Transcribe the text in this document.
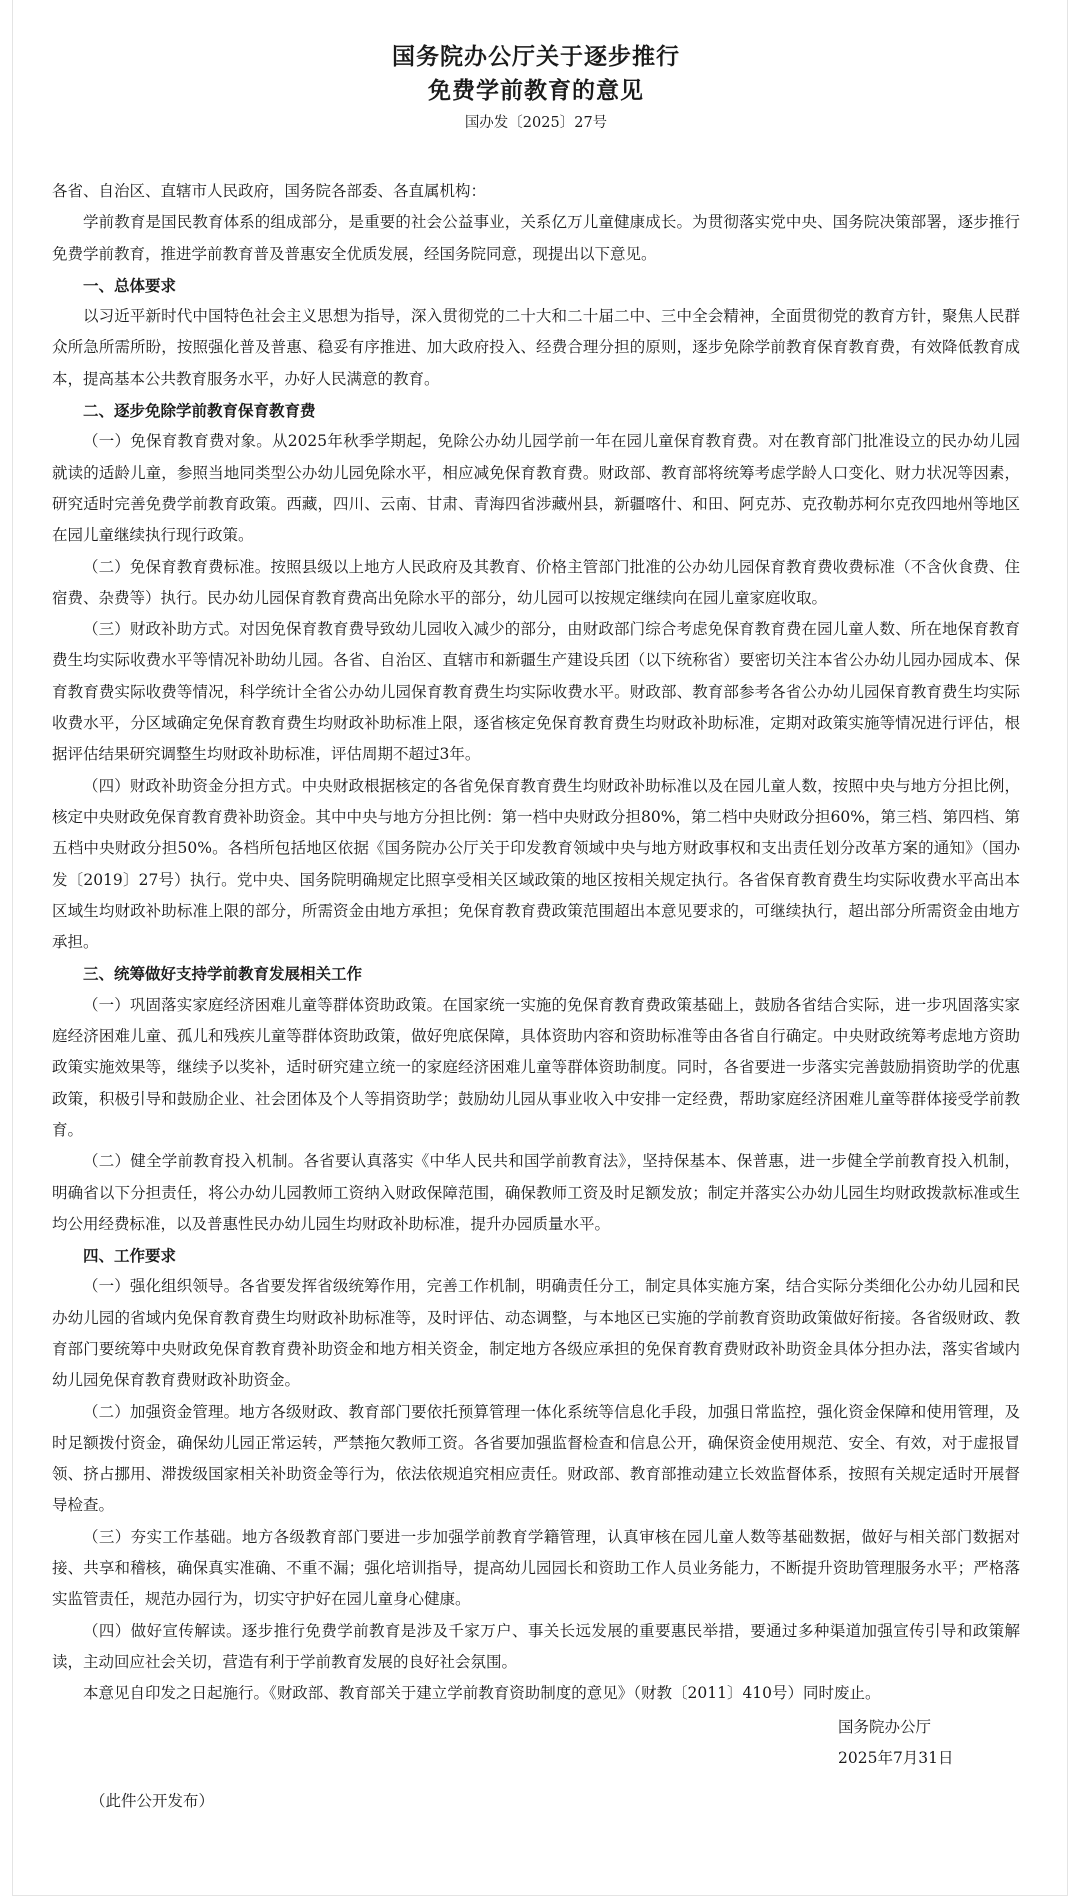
国务院办公厅关于逐步推行
免费学前教育的意见
国办发〔2025〕27号

各省、自治区、直辖市人民政府，国务院各部委、各直属机构：

学前教育是国民教育体系的组成部分，是重要的社会公益事业，关系亿万儿童健康成长。为贯彻落实党中央、国务院决策部署，逐步推行免费学前教育，推进学前教育普及普惠安全优质发展，经国务院同意，现提出以下意见。

一、总体要求

以习近平新时代中国特色社会主义思想为指导，深入贯彻党的二十大和二十届二中、三中全会精神，全面贯彻党的教育方针，聚焦人民群众所急所需所盼，按照强化普及普惠、稳妥有序推进、加大政府投入、经费合理分担的原则，逐步免除学前教育保育教育费，有效降低教育成本，提高基本公共教育服务水平，办好人民满意的教育。

二、逐步免除学前教育保育教育费

（一）免保育教育费对象。从2025年秋季学期起，免除公办幼儿园学前一年在园儿童保育教育费。对在教育部门批准设立的民办幼儿园就读的适龄儿童，参照当地同类型公办幼儿园免除水平，相应减免保育教育费。财政部、教育部将统筹考虑学龄人口变化、财力状况等因素，研究适时完善免费学前教育政策。西藏，四川、云南、甘肃、青海四省涉藏州县，新疆喀什、和田、阿克苏、克孜勒苏柯尔克孜四地州等地区在园儿童继续执行现行政策。

（二）免保育教育费标准。按照县级以上地方人民政府及其教育、价格主管部门批准的公办幼儿园保育教育费收费标准（不含伙食费、住宿费、杂费等）执行。民办幼儿园保育教育费高出免除水平的部分，幼儿园可以按规定继续向在园儿童家庭收取。

（三）财政补助方式。对因免保育教育费导致幼儿园收入减少的部分，由财政部门综合考虑免保育教育费在园儿童人数、所在地保育教育费生均实际收费水平等情况补助幼儿园。各省、自治区、直辖市和新疆生产建设兵团（以下统称省）要密切关注本省公办幼儿园办园成本、保育教育费实际收费等情况，科学统计全省公办幼儿园保育教育费生均实际收费水平。财政部、教育部参考各省公办幼儿园保育教育费生均实际收费水平，分区域确定免保育教育费生均财政补助标准上限，逐省核定免保育教育费生均财政补助标准，定期对政策实施等情况进行评估，根据评估结果研究调整生均财政补助标准，评估周期不超过3年。

（四）财政补助资金分担方式。中央财政根据核定的各省免保育教育费生均财政补助标准以及在园儿童人数，按照中央与地方分担比例，核定中央财政免保育教育费补助资金。其中中央与地方分担比例：第一档中央财政分担80%，第二档中央财政分担60%，第三档、第四档、第五档中央财政分担50%。各档所包括地区依据《国务院办公厅关于印发教育领域中央与地方财政事权和支出责任划分改革方案的通知》（国办发〔2019〕27号）执行。党中央、国务院明确规定比照享受相关区域政策的地区按相关规定执行。各省保育教育费生均实际收费水平高出本区域生均财政补助标准上限的部分，所需资金由地方承担；免保育教育费政策范围超出本意见要求的，可继续执行，超出部分所需资金由地方承担。

三、统筹做好支持学前教育发展相关工作

（一）巩固落实家庭经济困难儿童等群体资助政策。在国家统一实施的免保育教育费政策基础上，鼓励各省结合实际，进一步巩固落实家庭经济困难儿童、孤儿和残疾儿童等群体资助政策，做好兜底保障，具体资助内容和资助标准等由各省自行确定。中央财政统筹考虑地方资助政策实施效果等，继续予以奖补，适时研究建立统一的家庭经济困难儿童等群体资助制度。同时，各省要进一步落实完善鼓励捐资助学的优惠政策，积极引导和鼓励企业、社会团体及个人等捐资助学；鼓励幼儿园从事业收入中安排一定经费，帮助家庭经济困难儿童等群体接受学前教育。

（二）健全学前教育投入机制。各省要认真落实《中华人民共和国学前教育法》，坚持保基本、保普惠，进一步健全学前教育投入机制，明确省以下分担责任，将公办幼儿园教师工资纳入财政保障范围，确保教师工资及时足额发放；制定并落实公办幼儿园生均财政拨款标准或生均公用经费标准，以及普惠性民办幼儿园生均财政补助标准，提升办园质量水平。

四、工作要求

（一）强化组织领导。各省要发挥省级统筹作用，完善工作机制，明确责任分工，制定具体实施方案，结合实际分类细化公办幼儿园和民办幼儿园的省域内免保育教育费生均财政补助标准等，及时评估、动态调整，与本地区已实施的学前教育资助政策做好衔接。各省级财政、教育部门要统筹中央财政免保育教育费补助资金和地方相关资金，制定地方各级应承担的免保育教育费财政补助资金具体分担办法，落实省域内幼儿园免保育教育费财政补助资金。

（二）加强资金管理。地方各级财政、教育部门要依托预算管理一体化系统等信息化手段，加强日常监控，强化资金保障和使用管理，及时足额拨付资金，确保幼儿园正常运转，严禁拖欠教师工资。各省要加强监督检查和信息公开，确保资金使用规范、安全、有效，对于虚报冒领、挤占挪用、滞拨级国家相关补助资金等行为，依法依规追究相应责任。财政部、教育部推动建立长效监督体系，按照有关规定适时开展督导检查。

（三）夯实工作基础。地方各级教育部门要进一步加强学前教育学籍管理，认真审核在园儿童人数等基础数据，做好与相关部门数据对接、共享和稽核，确保真实准确、不重不漏；强化培训指导，提高幼儿园园长和资助工作人员业务能力，不断提升资助管理服务水平；严格落实监管责任，规范办园行为，切实守护好在园儿童身心健康。

（四）做好宣传解读。逐步推行免费学前教育是涉及千家万户、事关长远发展的重要惠民举措，要通过多种渠道加强宣传引导和政策解读，主动回应社会关切，营造有利于学前教育发展的良好社会氛围。

本意见自印发之日起施行。《财政部、教育部关于建立学前教育资助制度的意见》（财教〔2011〕410号）同时废止。

国务院办公厅
2025年7月31日
（此件公开发布）
